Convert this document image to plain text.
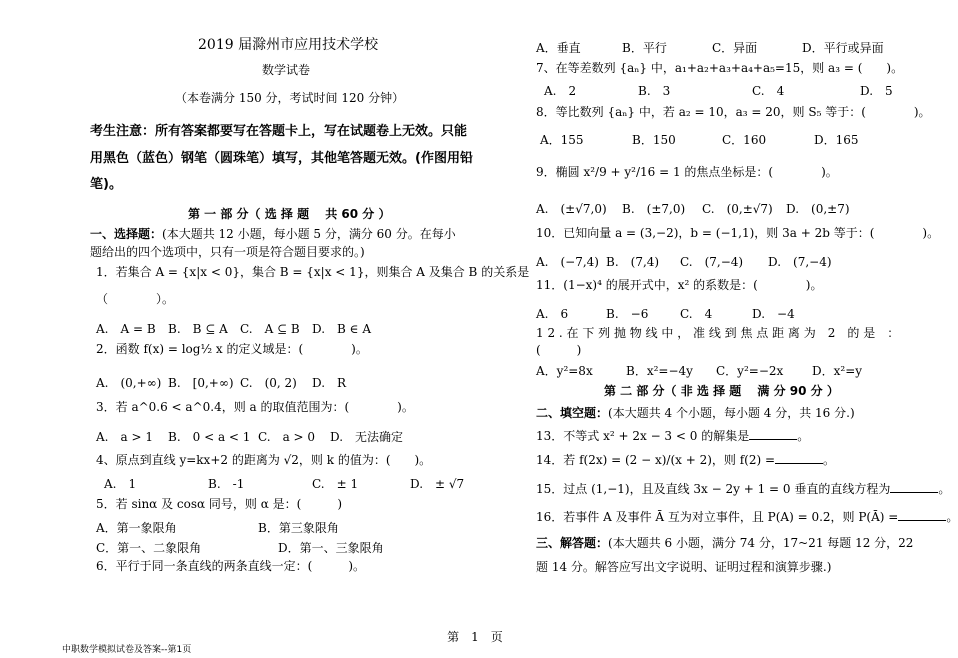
2019 届滁州市应用技术学校
数学试卷
（本卷满分 150 分，考试时间 120 分钟）
考生注意：所有答案都要写在答题卡上，写在试题卷上无效。只能
用黑色（蓝色）钢笔（圆珠笔）填写，其他笔答题无效。(作图用铅
笔)。
第 一 部 分（ 选 择 题　 共 60 分 ）
一、选择题：(本大题共 12 小题，每小题 5 分，满分 60 分。在每小
题给出的四个选项中，只有一项是符合题目要求的。)
1．若集合 A = {x|x < 0}，集合 B = {x|x < 1}，则集合 A 及集合 B 的关系是
（　　　　）。
A.　A = B B.　B ⊆ A C.　A ⊆ B D.　B ∈ A
2．函数 f(x) = log½ x 的定义域是：(　　　　)。
A.　(0,+∞) B.　[0,+∞) C.　(0, 2) D.　R
3．若 a^0.6 < a^0.4，则 a 的取值范围为：(　　　　)。
A.　a > 1 B.　0 < a < 1 C.　a > 0 D.　无法确定
4、原点到直线 y=kx+2 的距离为 √2，则 k 的值为：(　　)。
A.　1	B.　-1	C.　± 1	D.　± √7
5．若 sinα 及 cosα 同号，则 α 是：(　　　)
A．第一象限角	B．第三象限角
C．第一、二象限角	D．第一、三象限角
6．平行于同一条直线的两条直线一定：(　　　)。
A．垂直	B．平行	C．异面	D．平行或异面
7、在等差数列 {aₙ} 中，a₁+a₂+a₃+a₄+a₅=15，则 a₃ = (　　)。
A.　2	B.　3	C.　4	D.　5
8．等比数列 {aₙ} 中，若 a₂ = 10，a₃ = 20，则 S₅ 等于：(　　　　)。
A．155	B．150	C．160	D．165
9．椭圆 x²/9 + y²/16 = 1 的焦点坐标是：(　　　　)。
A.　(±√7,0) B.　(±7,0) C.　(0,±√7) D.　(0,±7)
10．已知向量 a = (3,−2)，b = (−1,1)，则 3a + 2b 等于：(　　　　)。
A.　(−7,4) B.　(7,4) C.　(7,−4) D.　(7,−4)
11．(1−x)⁴ 的展开式中，x² 的系数是：(　　　　)。
A.　6	B.　−6	C.　4	D.　−4
1 2 . 在 下 列 抛 物 线 中 ， 准 线 到 焦 点 距 离 为　2　的 是　：
(　　　)
A．y²=8x	B．x²=−4y C．y²=−2x D．x²=y
第 二 部 分（ 非 选 择 题　 满 分 90 分 ）
二、填空题：(本大题共 4 个小题，每小题 4 分，共 16 分.)
13．不等式 x² + 2x − 3 < 0 的解集是	。
14．若 f(2x) = (2 − x)/(x + 2)，则 f(2) =	。
15．过点 (1,−1)，且及直线 3x − 2y + 1 = 0 垂直的直线方程为	。
16．若事件 A 及事件 Ā 互为对立事件，且 P(A) = 0.2，则 P(Ā) =	。
三、解答题：(本大题共 6 小题，满分 74 分，17~21 每题 12 分，22
题 14 分。解答应写出文字说明、证明过程和演算步骤.)
第　1　页
中职数学模拟试卷及答案--第1页
